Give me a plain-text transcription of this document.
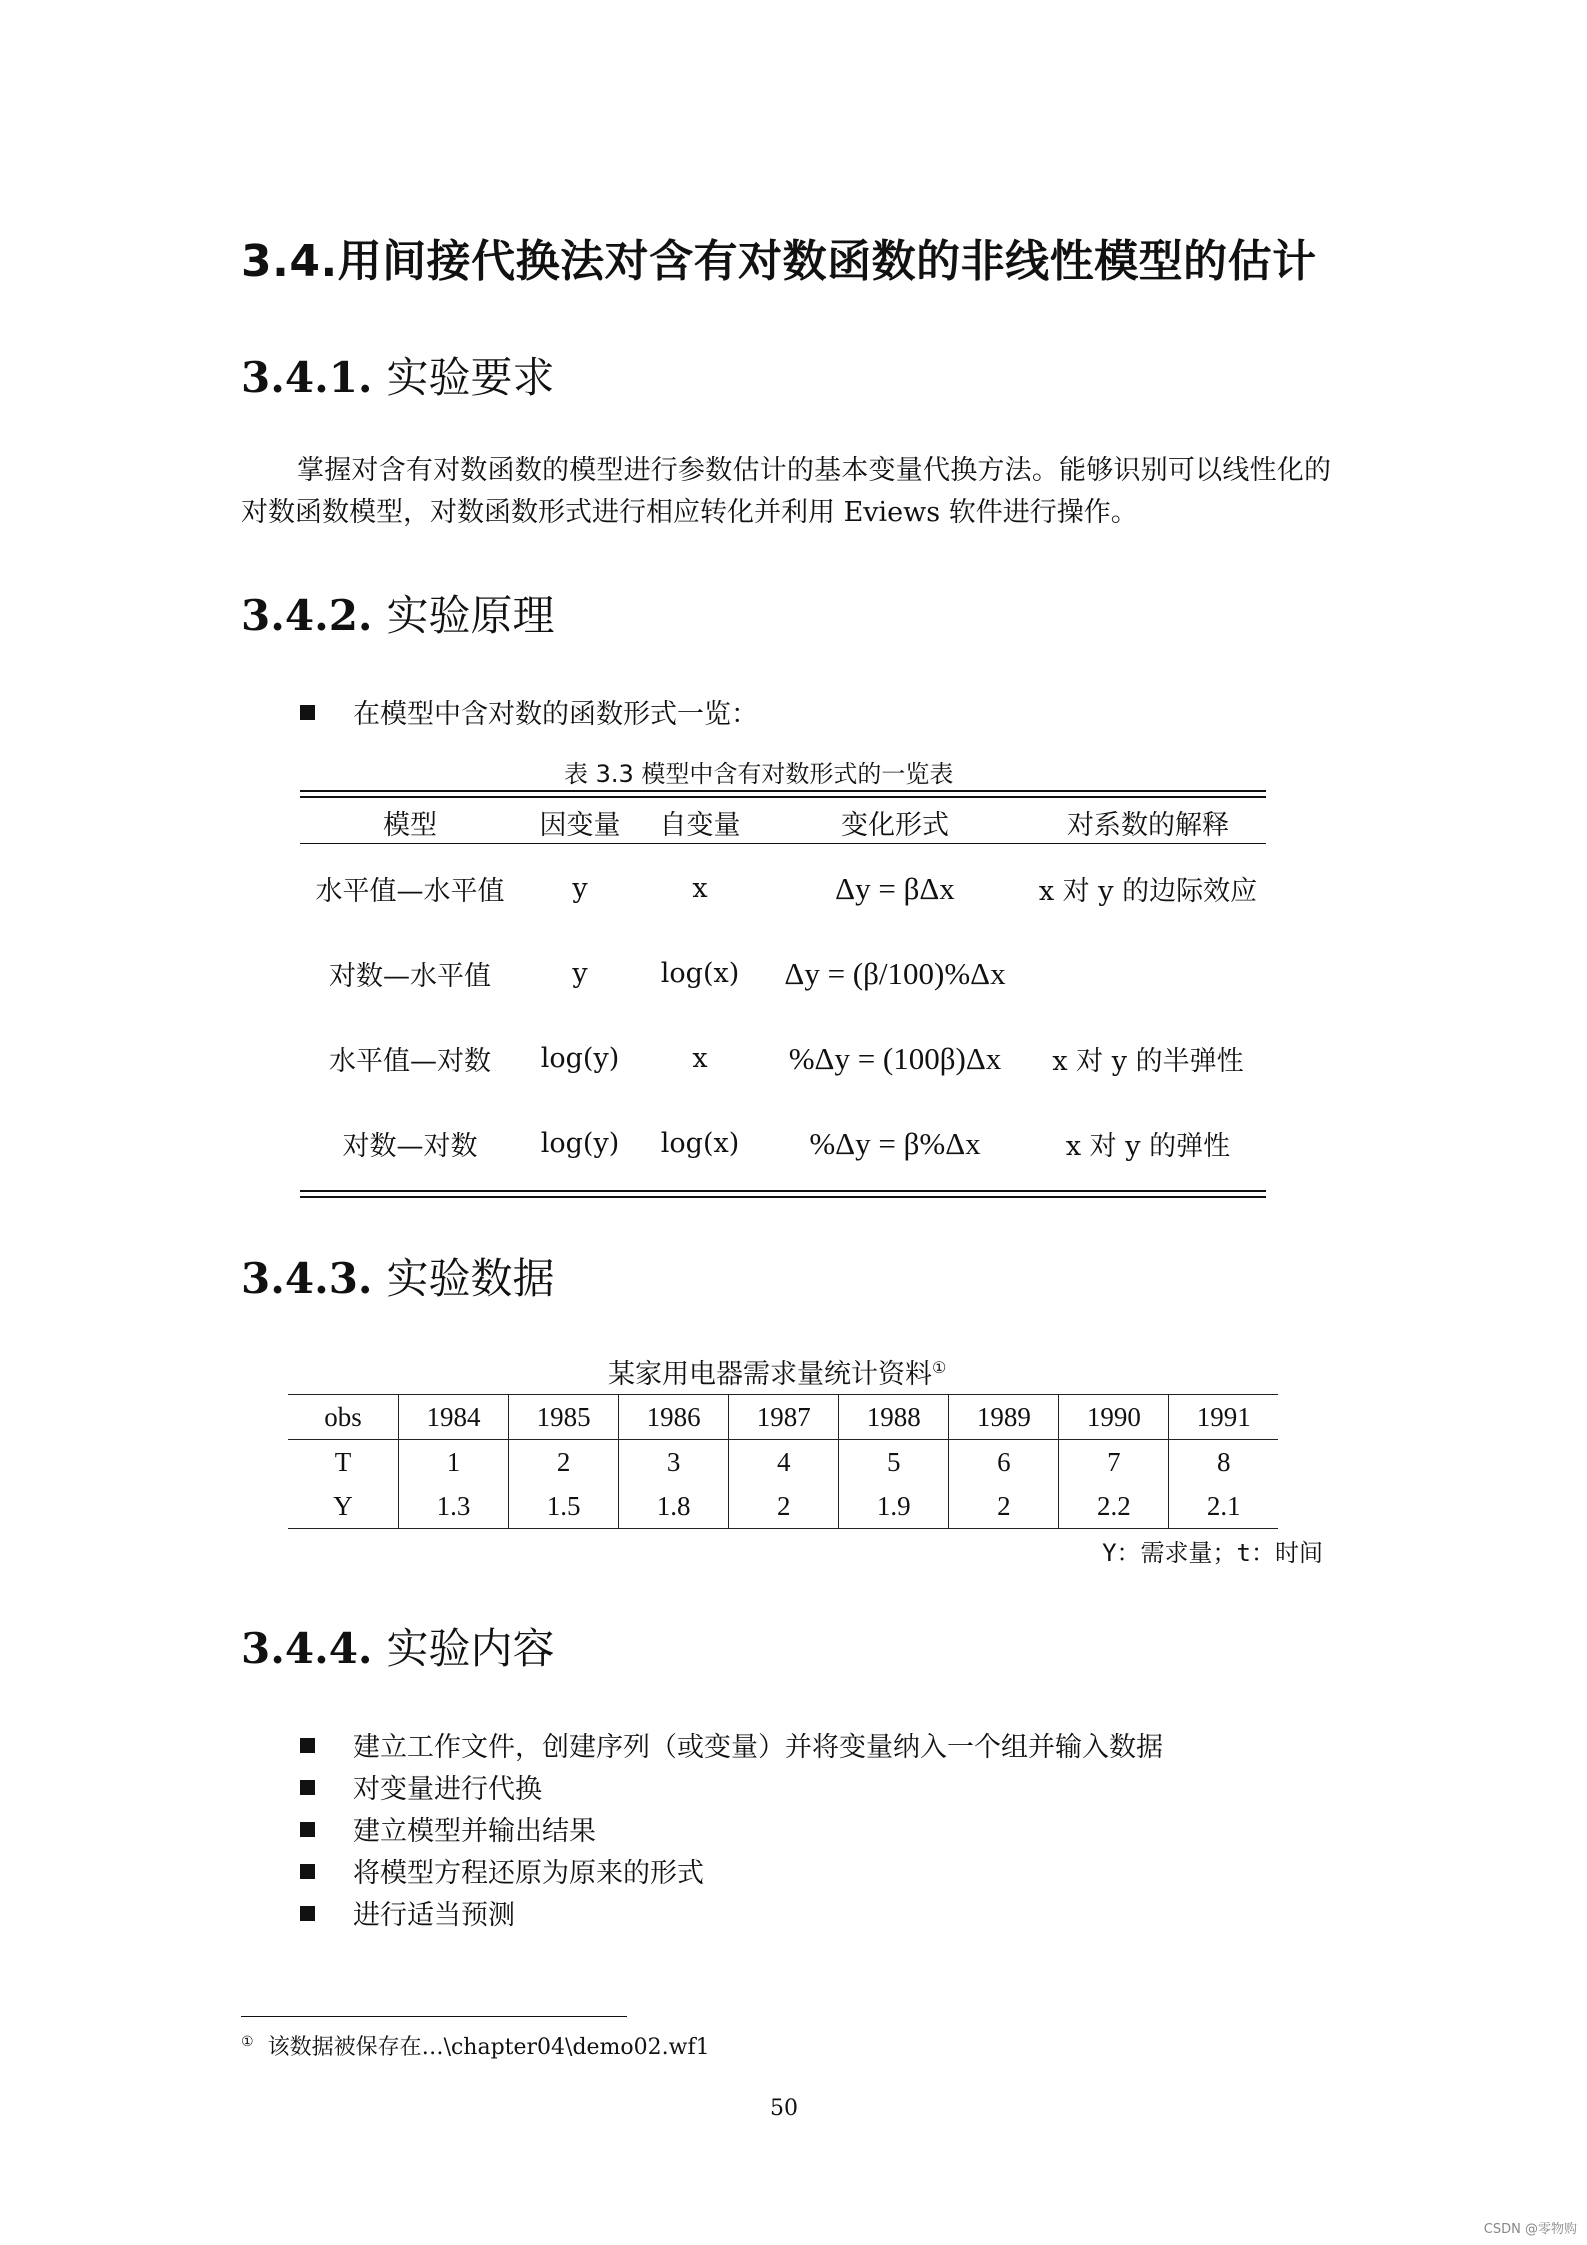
3.4.用间接代换法对含有对数函数的非线性模型的估计
3.4.1. 实验要求
掌握对含有对数函数的模型进行参数估计的基本变量代换方法。能够识别可以线性化的对数函数模型，对数函数形式进行相应转化并利用 Eviews 软件进行操作。
3.4.2. 实验原理
在模型中含对数的函数形式一览：
表 3.3 模型中含有对数形式的一览表
模型	因变量	自变量	变化形式	对系数的解释
水平值—水平值	y	x	Δy = βΔx	x 对 y 的边际效应
对数—水平值	y	log(x)	Δy = (β/100)%Δx	
水平值—对数	log(y)	x	%Δy = (100β)Δx	x 对 y 的半弹性
对数—对数	log(y)	log(x)	%Δy = β%Δx	x 对 y 的弹性
3.4.3. 实验数据
某家用电器需求量统计资料①
obs	1984	1985	1986	1987	1988	1989	1990	1991
T	1	2	3	4	5	6	7	8
Y	1.3	1.5	1.8	2	1.9	2	2.2	2.1
Y：需求量；t：时间
3.4.4. 实验内容
建立工作文件，创建序列（或变量）并将变量纳入一个组并输入数据
对变量进行代换
建立模型并输出结果
将模型方程还原为原来的形式
进行适当预测
① 该数据被保存在…\chapter04\demo02.wf1
50
CSDN @零物购
